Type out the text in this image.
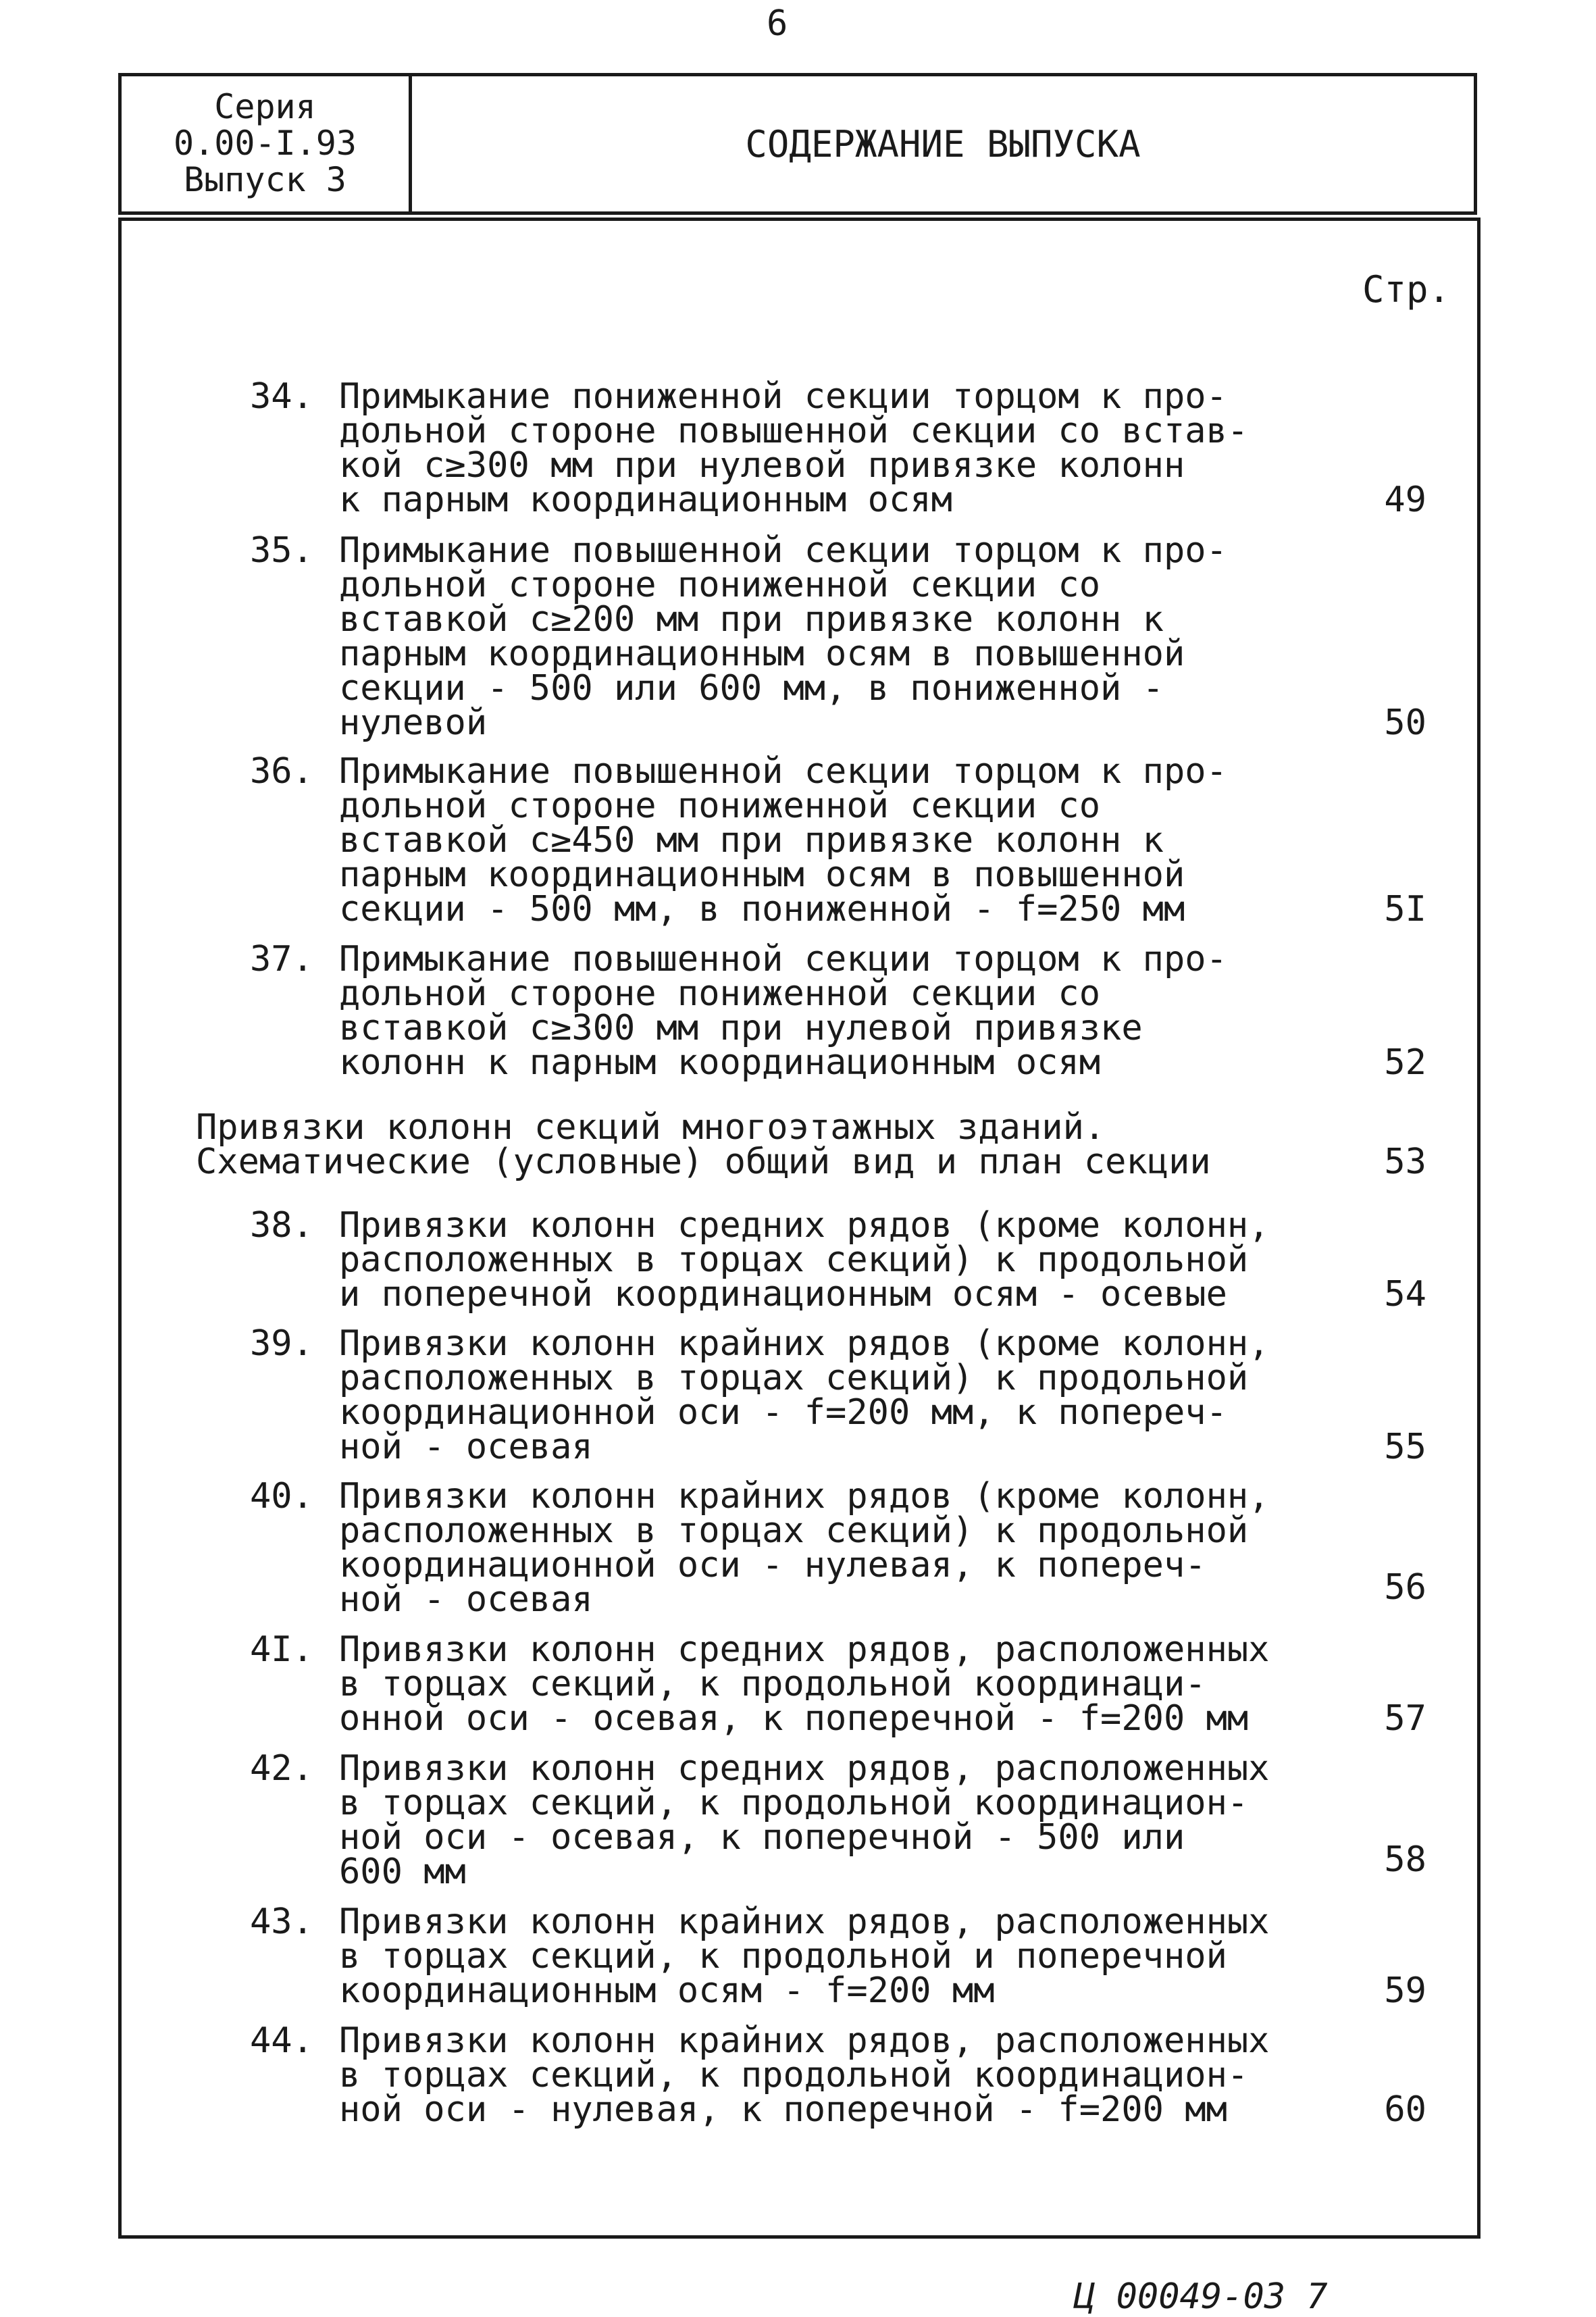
6
Серия
0.00-I.93
Выпуск 3
СОДЕРЖАНИЕ ВЫПУСКА
Стр.
34. Примыкание пониженной секции торцом к про-
дольной стороне повышенной секции со встав-
кой с≥300 мм при нулевой привязке колонн
к парным координационным осям	49
35. Примыкание повышенной секции торцом к про-
дольной стороне пониженной секции со
вставкой с≥200 мм при привязке колонн к
парным координационным осям в повышенной
секции - 500 или 600 мм, в пониженной -
нулевой	50
36. Примыкание повышенной секции торцом к про-
дольной стороне пониженной секции со
вставкой с≥450 мм при привязке колонн к
парным координационным осям в повышенной
секции - 500 мм, в пониженной - f=250 мм	5I
37. Примыкание повышенной секции торцом к про-
дольной стороне пониженной секции со
вставкой с≥300 мм при нулевой привязке
колонн к парным координационным осям	52
Привязки колонн секций многоэтажных зданий.
Схематические (условные) общий вид и план секции	53
38. Привязки колонн средних рядов (кроме колонн,
расположенных в торцах секций) к продольной
и поперечной координационным осям - осевые	54
39. Привязки колонн крайних рядов (кроме колонн,
расположенных в торцах секций) к продольной
координационной оси - f=200 мм, к попереч-
ной - осевая	55
40. Привязки колонн крайних рядов (кроме колонн,
расположенных в торцах секций) к продольной
координационной оси - нулевая, к попереч-
ной - осевая	56
4I. Привязки колонн средних рядов, расположенных
в торцах секций, к продольной координаци-
онной оси - осевая, к поперечной - f=200 мм	57
42. Привязки колонн средних рядов, расположенных
в торцах секций, к продольной координацион-
ной оси - осевая, к поперечной - 500 или
600 мм	58
43. Привязки колонн крайних рядов, расположенных
в торцах секций, к продольной и поперечной
координационным осям - f=200 мм	59
44. Привязки колонн крайних рядов, расположенных
в торцах секций, к продольной координацион-
ной оси - нулевая, к поперечной - f=200 мм	60
Ц 00049-03 7
